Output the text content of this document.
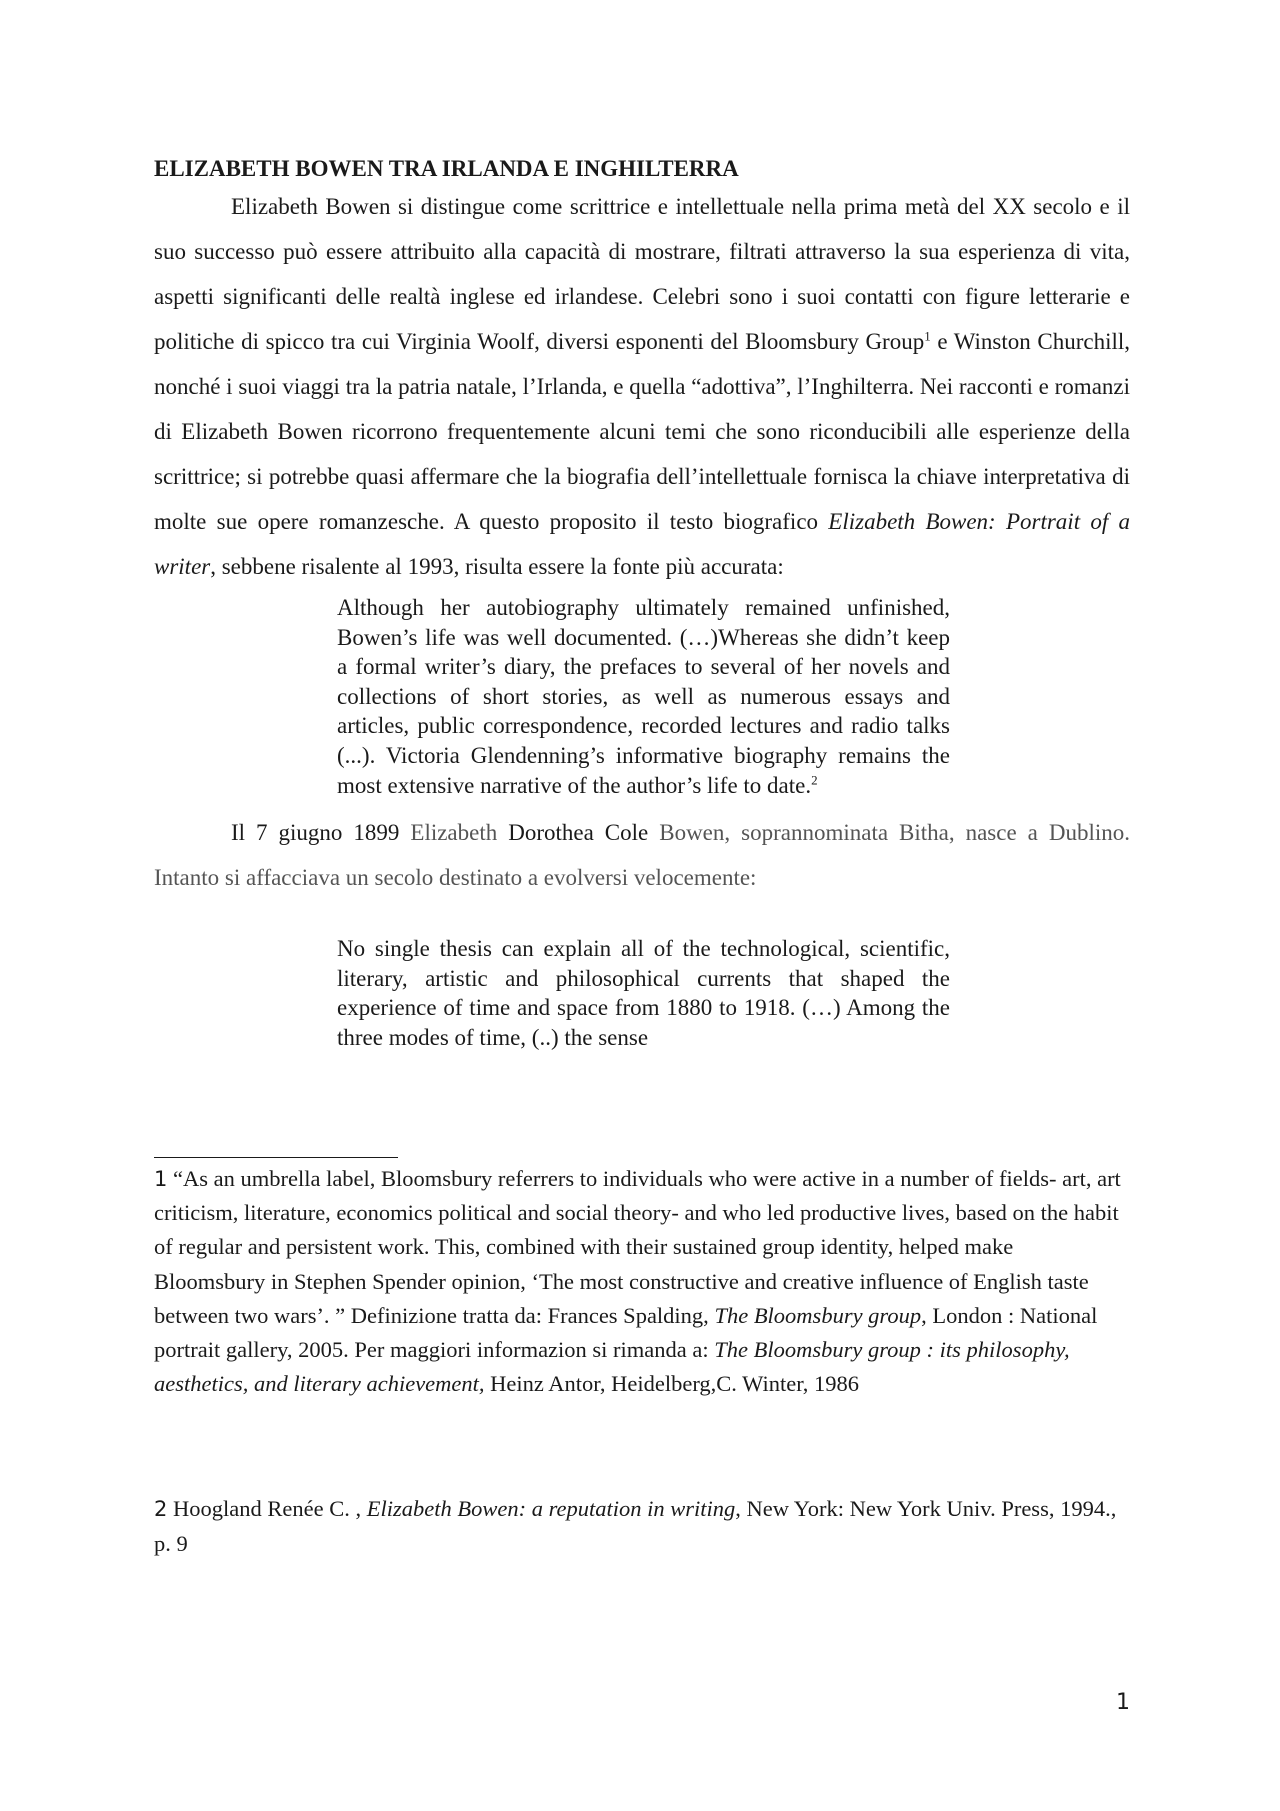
ELIZABETH BOWEN TRA IRLANDA E INGHILTERRA

Elizabeth Bowen si distingue come scrittrice e intellettuale nella prima metà del XX secolo e il suo successo può essere attribuito alla capacità di mostrare, filtrati attraverso la sua esperienza di vita, aspetti significanti delle realtà inglese ed irlandese. Celebri sono i suoi contatti con figure letterarie e politiche di spicco tra cui Virginia Woolf, diversi esponenti del Bloomsbury Group$^1$ e Winston Churchill, nonché i suoi viaggi tra la patria natale, l’Irlanda, e quella “adottiva”, l’Inghilterra. Nei racconti e romanzi di Elizabeth Bowen ricorrono frequentemente alcuni temi che sono riconducibili alle esperienze della scrittrice; si potrebbe quasi affermare che la biografia dell’intellettuale fornisca la chiave interpretativa di molte sue opere romanzesche. A questo proposito il testo biografico Elizabeth Bowen: Portrait of a writer, sebbene risalente al 1993, risulta essere la fonte più accurata:

Although her autobiography ultimately remained unfinished, Bowen’s life was well documented. (…)Whereas she didn’t keep a formal writer’s diary, the prefaces to several of her novels and collections of short stories, as well as numerous essays and articles, public correspondence, recorded lectures and radio talks (...). Victoria Glendenning’s informative biography remains the most extensive narrative of the author’s life to date.$^2$

Il 7 giugno 1899 Elizabeth Dorothea Cole Bowen, soprannominata Bitha, nasce a Dublino. Intanto si affacciava un secolo destinato a evolversi velocemente:

No single thesis can explain all of the technological, scientific, literary, artistic and philosophical currents that shaped the experience of time and space from 1880 to 1918. (…) Among the three modes of time, (..) the sense
1 “As an umbrella label, Bloomsbury referrers to individuals who were active in a number of fields- art, art criticism, literature, economics political and social theory- and who led productive lives, based on the habit of regular and persistent work. This, combined with their sustained group identity, helped make Bloomsbury in Stephen Spender opinion, ‘The most constructive and creative influence of English taste between two wars’. ” Definizione tratta da: Frances Spalding, The Bloomsbury group, London : National portrait gallery, 2005. Per maggiori informazion si rimanda a: The Bloomsbury group : its philosophy, aesthetics, and literary achievement, Heinz Antor, Heidelberg,C. Winter, 1986
2 Hoogland Renée C. , Elizabeth Bowen: a reputation in writing, New York: New York Univ. Press, 1994., p. 9
1
